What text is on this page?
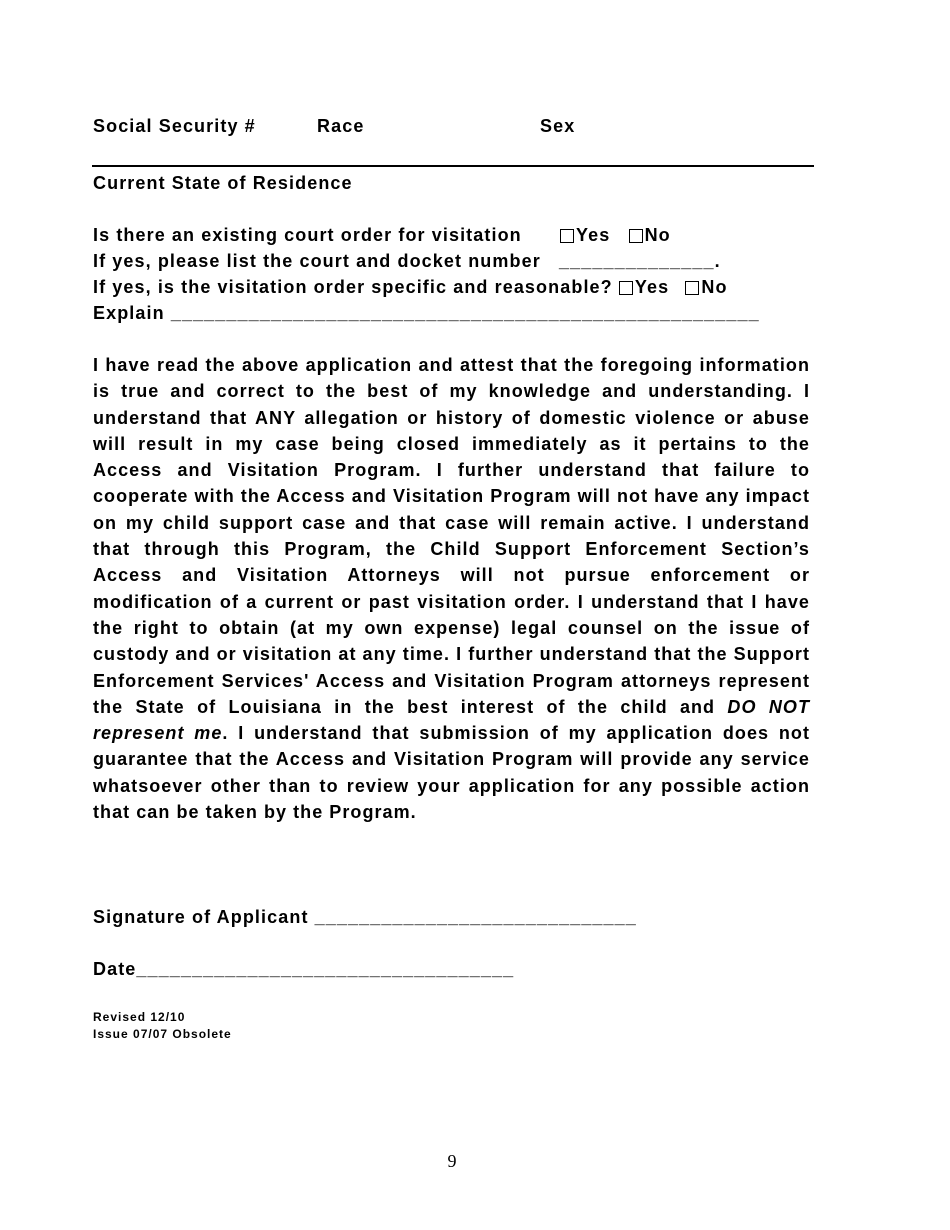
Social Security #	Race	Sex
Current State of Residence
Is there an existing court order for visitation	Yes No
If yes, please list the court and docket number ______________.
If yes, is the visitation order specific and reasonable? Yes No
Explain _____________________________________________________
I have read the above application and attest that the foregoing information is true and correct to the best of my knowledge and understanding. I understand that ANY allegation or history of domestic violence or abuse will result in my case being closed immediately as it pertains to the Access and Visitation Program. I further understand that failure to cooperate with the Access and Visitation Program will not have any impact on my child support case and that case will remain active. I understand that through this Program, the Child Support Enforcement Section’s Access and Visitation Attorneys will not pursue enforcement or modification of a current or past visitation order. I understand that I have the right to obtain (at my own expense) legal counsel on the issue of custody and or visitation at any time. I further understand that the Support Enforcement Services' Access and Visitation Program attorneys represent the State of Louisiana in the best interest of the child and DO NOT represent me. I understand that submission of my application does not guarantee that the Access and Visitation Program will provide any service whatsoever other than to review your application for any possible action that can be taken by the Program.
Signature of Applicant _____________________________
Date__________________________________
Revised 12/10
Issue 07/07 Obsolete
9
